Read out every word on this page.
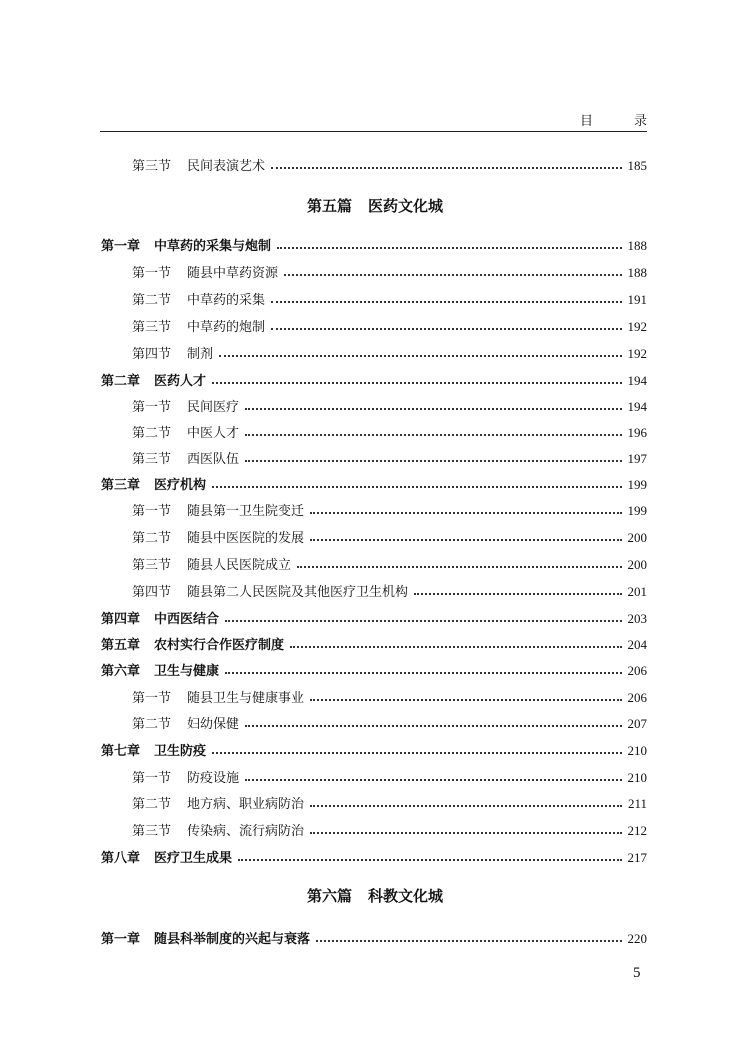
目　录
第三节 民间表演艺术	185
第五篇 医药文化城
第一章 中草药的采集与炮制	188
第一节 随县中草药资源	188
第二节 中草药的采集	191
第三节 中草药的炮制	192
第四节 制剂	192
第二章 医药人才	194
第一节 民间医疗	194
第二节 中医人才	196
第三节 西医队伍	197
第三章 医疗机构	199
第一节 随县第一卫生院变迁	199
第二节 随县中医医院的发展	200
第三节 随县人民医院成立	200
第四节 随县第二人民医院及其他医疗卫生机构	201
第四章 中西医结合	203
第五章 农村实行合作医疗制度	204
第六章 卫生与健康	206
第一节 随县卫生与健康事业	206
第二节 妇幼保健	207
第七章 卫生防疫	210
第一节 防疫设施	210
第二节 地方病、职业病防治	211
第三节 传染病、流行病防治	212
第八章 医疗卫生成果	217
第六篇 科教文化城
第一章 随县科举制度的兴起与衰落	220
5
